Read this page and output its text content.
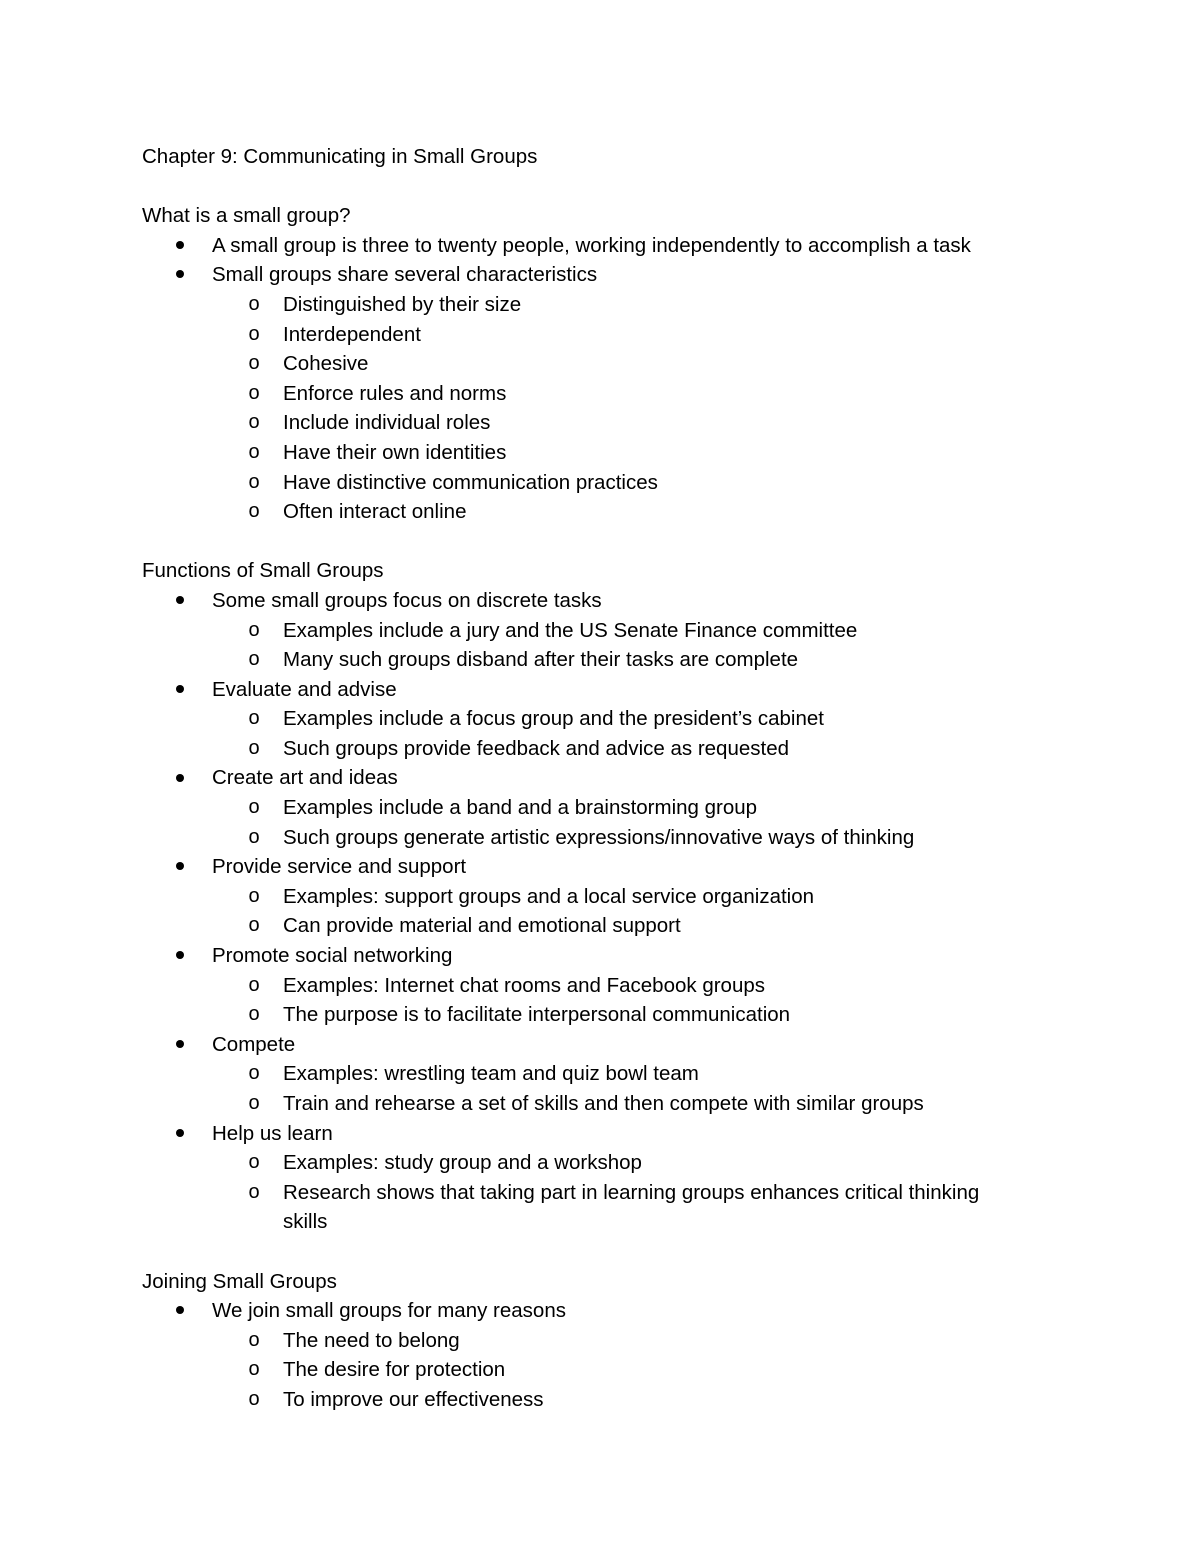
Chapter 9: Communicating in Small Groups
What is a small group?
A small group is three to twenty people, working independently to accomplish a task
Small groups share several characteristics
o Distinguished by their size
o Interdependent
o Cohesive
o Enforce rules and norms
o Include individual roles
o Have their own identities
o Have distinctive communication practices
o Often interact online
Functions of Small Groups
Some small groups focus on discrete tasks
o Examples include a jury and the US Senate Finance committee
o Many such groups disband after their tasks are complete
Evaluate and advise
o Examples include a focus group and the president’s cabinet
o Such groups provide feedback and advice as requested
Create art and ideas
o Examples include a band and a brainstorming group
o Such groups generate artistic expressions/innovative ways of thinking
Provide service and support
o Examples: support groups and a local service organization
o Can provide material and emotional support
Promote social networking
o Examples: Internet chat rooms and Facebook groups
o The purpose is to facilitate interpersonal communication
Compete
o Examples: wrestling team and quiz bowl team
o Train and rehearse a set of skills and then compete with similar groups
Help us learn
o Examples: study group and a workshop
o Research shows that taking part in learning groups enhances critical thinking skills
Joining Small Groups
We join small groups for many reasons
o The need to belong
o The desire for protection
o To improve our effectiveness
